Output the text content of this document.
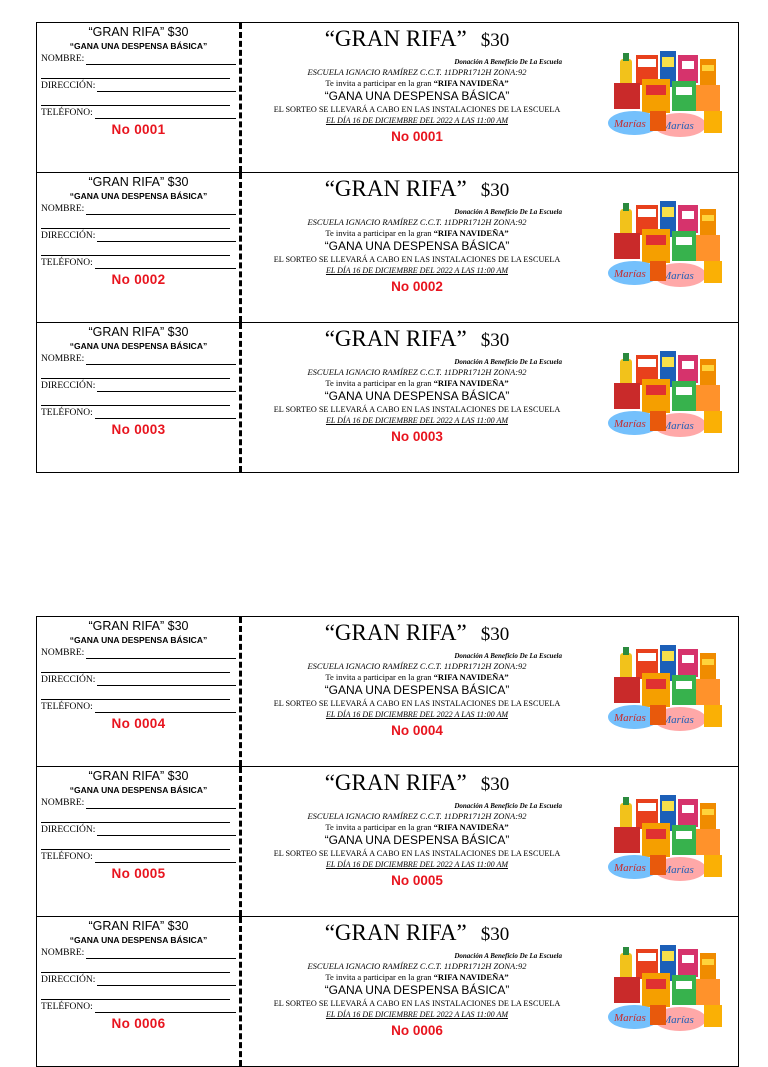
“GRAN RIFA” $30
“GANA UNA DESPENSA BÁSICA”
NOMBRE:
DIRECCIÓN:
TELÉFONO:
No 0001
“GRAN RIFA” $30
Donación A Beneficio De La Escuela
ESCUELA IGNACIO RAMÍREZ C.C.T. 11DPR1712H ZONA:92
Te invita a participar en la gran “RIFA NAVIDEÑA”
“GANA UNA DESPENSA BÁSICA”
EL SORTEO SE LLEVARÁ A CABO EN LAS INSTALACIONES DE LA ESCUELA
EL DÍA 16 DE DICIEMBRE DEL 2022 A LAS 11:00 AM
No 0001
“GRAN RIFA” $30
“GANA UNA DESPENSA BÁSICA”
NOMBRE:
DIRECCIÓN:
TELÉFONO:
No 0002
“GRAN RIFA” $30
Donación A Beneficio De La Escuela
ESCUELA IGNACIO RAMÍREZ C.C.T. 11DPR1712H ZONA:92
Te invita a participar en la gran “RIFA NAVIDEÑA”
“GANA UNA DESPENSA BÁSICA”
EL SORTEO SE LLEVARÁ A CABO EN LAS INSTALACIONES DE LA ESCUELA
EL DÍA 16 DE DICIEMBRE DEL 2022 A LAS 11:00 AM
No 0002
“GRAN RIFA” $30
“GANA UNA DESPENSA BÁSICA”
NOMBRE:
DIRECCIÓN:
TELÉFONO:
No 0003
“GRAN RIFA” $30
Donación A Beneficio De La Escuela
ESCUELA IGNACIO RAMÍREZ C.C.T. 11DPR1712H ZONA:92
Te invita a participar en la gran “RIFA NAVIDEÑA”
“GANA UNA DESPENSA BÁSICA”
EL SORTEO SE LLEVARÁ A CABO EN LAS INSTALACIONES DE LA ESCUELA
EL DÍA 16 DE DICIEMBRE DEL 2022 A LAS 11:00 AM
No 0003
“GRAN RIFA” $30
“GANA UNA DESPENSA BÁSICA”
NOMBRE:
DIRECCIÓN:
TELÉFONO:
No 0004
“GRAN RIFA” $30
Donación A Beneficio De La Escuela
ESCUELA IGNACIO RAMÍREZ C.C.T. 11DPR1712H ZONA:92
Te invita a participar en la gran “RIFA NAVIDEÑA”
“GANA UNA DESPENSA BÁSICA”
EL SORTEO SE LLEVARÁ A CABO EN LAS INSTALACIONES DE LA ESCUELA
EL DÍA 16 DE DICIEMBRE DEL 2022 A LAS 11:00 AM
No 0004
“GRAN RIFA” $30
“GANA UNA DESPENSA BÁSICA”
NOMBRE:
DIRECCIÓN:
TELÉFONO:
No 0005
“GRAN RIFA” $30
Donación A Beneficio De La Escuela
ESCUELA IGNACIO RAMÍREZ C.C.T. 11DPR1712H ZONA:92
Te invita a participar en la gran “RIFA NAVIDEÑA”
“GANA UNA DESPENSA BÁSICA”
EL SORTEO SE LLEVARÁ A CABO EN LAS INSTALACIONES DE LA ESCUELA
EL DÍA 16 DE DICIEMBRE DEL 2022 A LAS 11:00 AM
No 0005
“GRAN RIFA” $30
“GANA UNA DESPENSA BÁSICA”
NOMBRE:
DIRECCIÓN:
TELÉFONO:
No 0006
“GRAN RIFA” $30
Donación A Beneficio De La Escuela
ESCUELA IGNACIO RAMÍREZ C.C.T. 11DPR1712H ZONA:92
Te invita a participar en la gran “RIFA NAVIDEÑA”
“GANA UNA DESPENSA BÁSICA”
EL SORTEO SE LLEVARÁ A CABO EN LAS INSTALACIONES DE LA ESCUELA
EL DÍA 16 DE DICIEMBRE DEL 2022 A LAS 11:00 AM
No 0006
